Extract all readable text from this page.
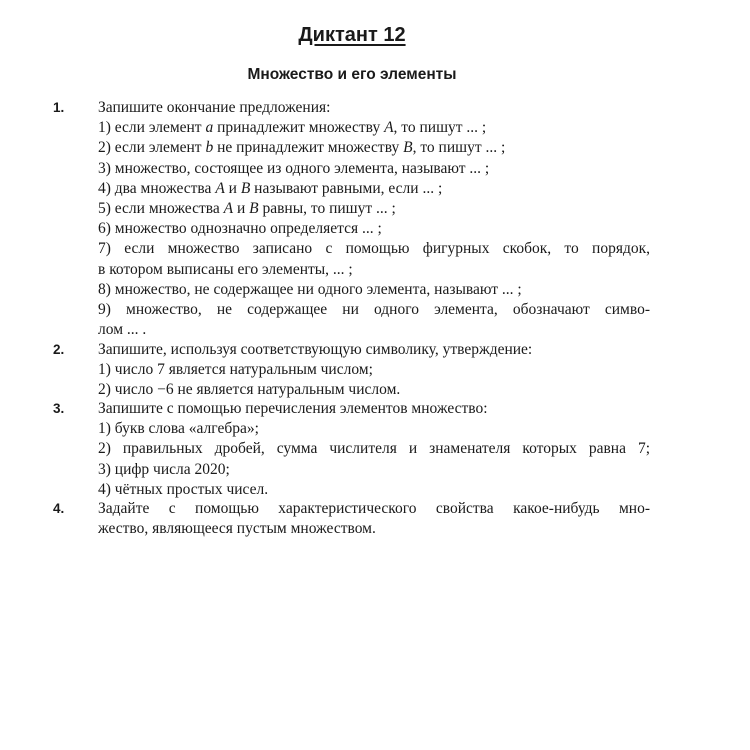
Диктант 12
Множество и его элементы
1. Запишите окончание предложения:
1) если элемент a принадлежит множеству A, то пишут ... ;
2) если элемент b не принадлежит множеству B, то пишут ... ;
3) множество, состоящее из одного элемента, называют ... ;
4) два множества A и B называют равными, если ... ;
5) если множества A и B равны, то пишут ... ;
6) множество однозначно определяется ... ;
7) если множество записано с помощью фигурных скобок, то порядок,
в котором выписаны его элементы, ... ;
8) множество, не содержащее ни одного элемента, называют ... ;
9) множество, не содержащее ни одного элемента, обозначают симво-
лом ... .
2. Запишите, используя соответствующую символику, утверждение:
1) число 7 является натуральным числом;
2) число −6 не является натуральным числом.
3. Запишите с помощью перечисления элементов множество:
1) букв слова «алгебра»;
2) правильных дробей, сумма числителя и знаменателя которых равна 7;
3) цифр числа 2020;
4) чётных простых чисел.
4. Задайте с помощью характеристического свойства какое-нибудь мно-
жество, являющееся пустым множеством.
